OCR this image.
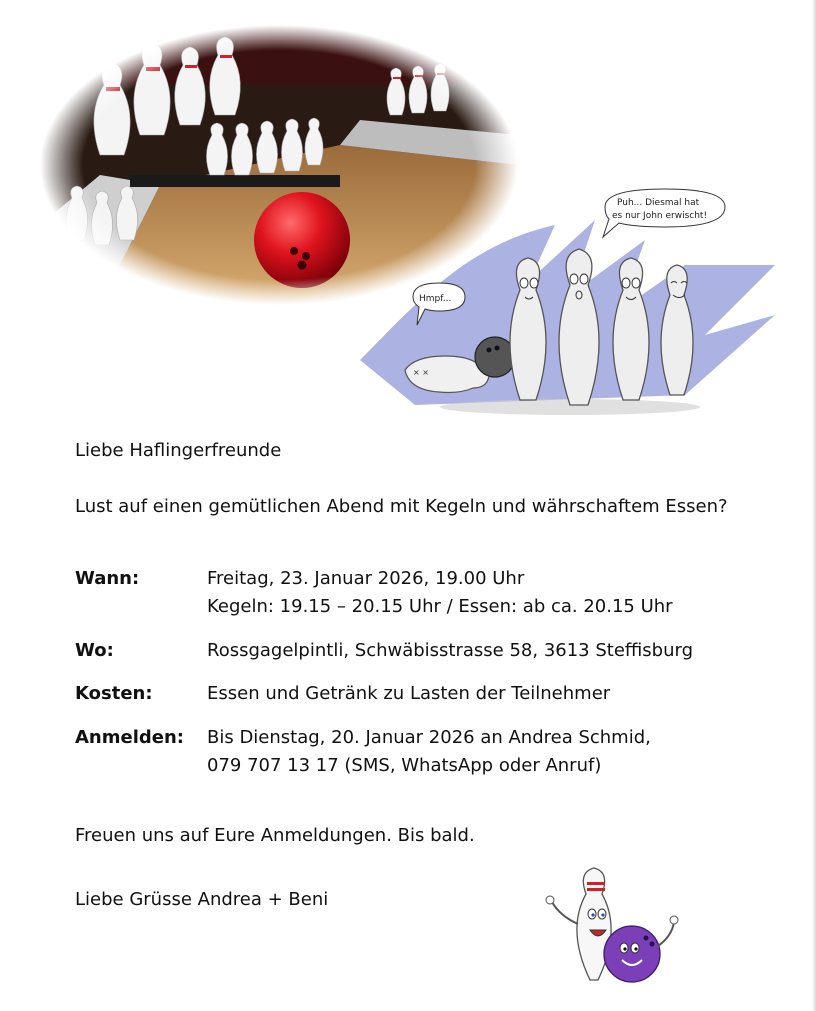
× ×
Puh... Diesmal hat
es nur John erwischt!
Hmpf...
Liebe Haflingerfreunde
Lust auf einen gemütlichen Abend mit Kegeln und währschaftem Essen?
Wann:	Freitag, 23. Januar 2026, 19.00 Uhr
Kegeln: 19.15 – 20.15 Uhr / Essen: ab ca. 20.15 Uhr
Wo:	Rossgagelpintli, Schwäbisstrasse 58, 3613 Steffisburg
Kosten:	Essen und Getränk zu Lasten der Teilnehmer
Anmelden: Bis Dienstag, 20. Januar 2026 an Andrea Schmid,
079 707 13 17 (SMS, WhatsApp oder Anruf)
Freuen uns auf Eure Anmeldungen. Bis bald.
Liebe Grüsse Andrea + Beni
